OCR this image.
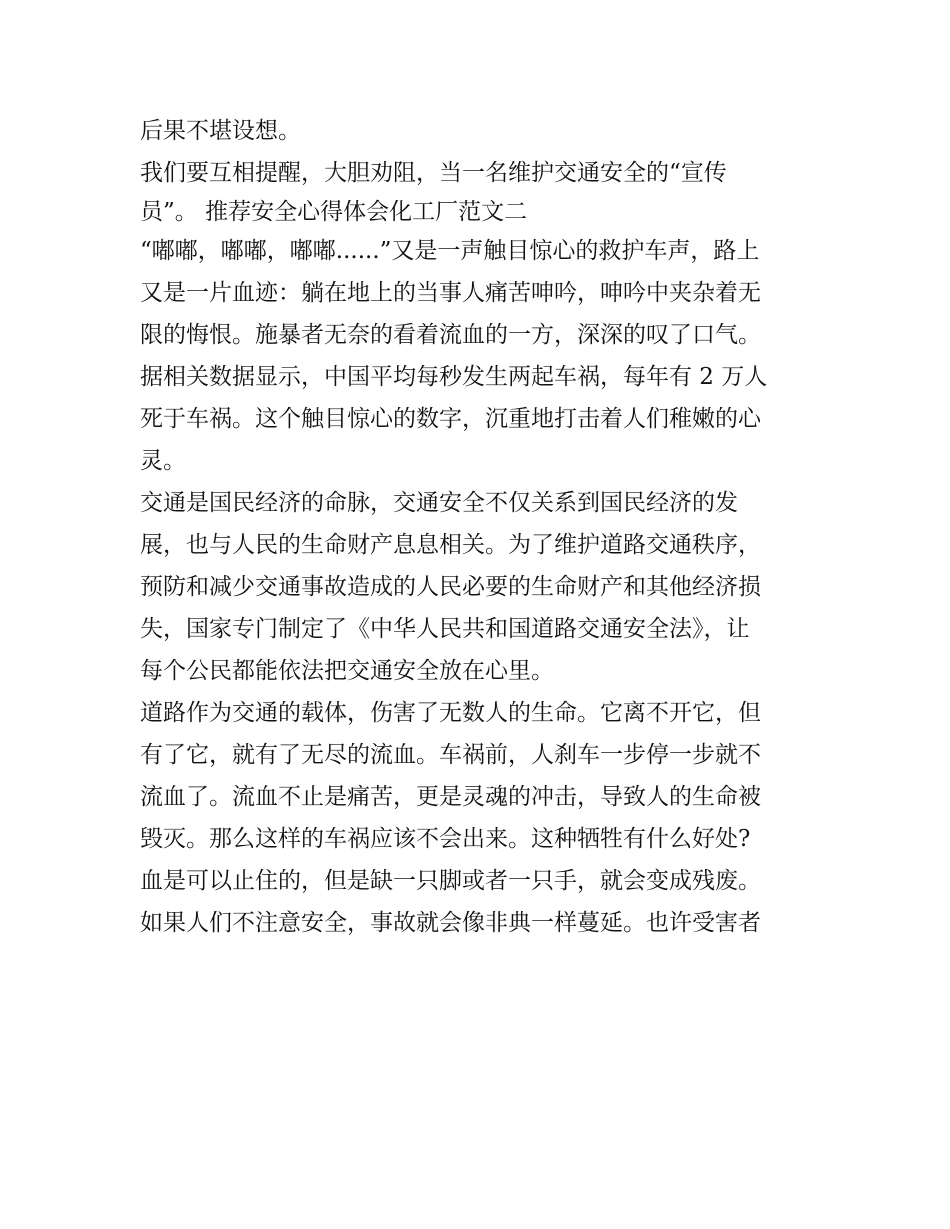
后果不堪设想。
我们要互相提醒，大胆劝阻，当一名维护交通安全的“宣传
员”。 推荐安全心得体会化工厂范文二
“嘟嘟，嘟嘟，嘟嘟......”又是一声触目惊心的救护车声，路上
又是一片血迹：躺在地上的当事人痛苦呻吟，呻吟中夹杂着无
限的悔恨。施暴者无奈的看着流血的一方，深深的叹了口气。
据相关数据显示，中国平均每秒发生两起车祸，每年有 2 万人
死于车祸。这个触目惊心的数字，沉重地打击着人们稚嫩的心
灵。
交通是国民经济的命脉，交通安全不仅关系到国民经济的发
展，也与人民的生命财产息息相关。为了维护道路交通秩序，
预防和减少交通事故造成的人民必要的生命财产和其他经济损
失，国家专门制定了《中华人民共和国道路交通安全法》，让
每个公民都能依法把交通安全放在心里。
道路作为交通的载体，伤害了无数人的生命。它离不开它，但
有了它，就有了无尽的流血。车祸前，人刹车一步停一步就不
流血了。流血不止是痛苦，更是灵魂的冲击，导致人的生命被
毁灭。那么这样的车祸应该不会出来。这种牺牲有什么好处?
血是可以止住的，但是缺一只脚或者一只手，就会变成残废。
如果人们不注意安全，事故就会像非典一样蔓延。也许受害者
